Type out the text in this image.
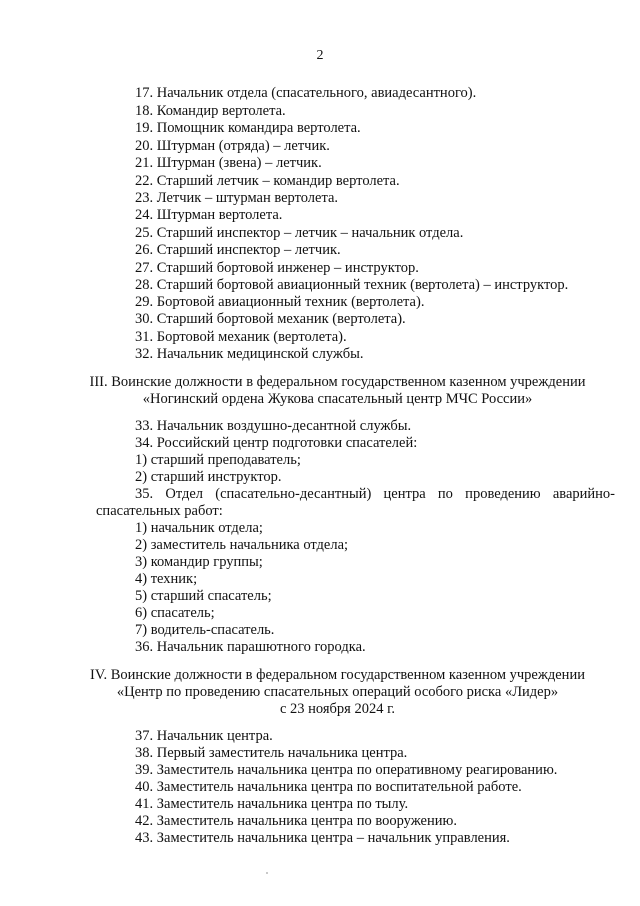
2
17. Начальник отдела (спасательного, авиадесантного).
18. Командир вертолета.
19. Помощник командира вертолета.
20. Штурман (отряда) – летчик.
21. Штурман (звена) – летчик.
22. Старший летчик – командир вертолета.
23. Летчик – штурман вертолета.
24. Штурман вертолета.
25. Старший инспектор – летчик – начальник отдела.
26. Старший инспектор – летчик.
27. Старший бортовой инженер – инструктор.
28. Старший бортовой авиационный техник (вертолета) – инструктор.
29. Бортовой авиационный техник (вертолета).
30. Старший бортовой механик (вертолета).
31. Бортовой механик (вертолета).
32. Начальник медицинской службы.
III. Воинские должности в федеральном государственном казенном учреждении
«Ногинский ордена Жукова спасательный центр МЧС России»
33. Начальник воздушно-десантной службы.
34. Российский центр подготовки спасателей:
1) старший преподаватель;
2) старший инструктор.
35. Отдел (спасательно-десантный) центра по проведению аварийно-
спасательных работ:
1) начальник отдела;
2) заместитель начальника отдела;
3) командир группы;
4) техник;
5) старший спасатель;
6) спасатель;
7) водитель-спасатель.
36. Начальник парашютного городка.
IV. Воинские должности в федеральном государственном казенном учреждении
«Центр по проведению спасательных операций особого риска «Лидер»
с 23 ноября 2024 г.
37. Начальник центра.
38. Первый заместитель начальника центра.
39. Заместитель начальника центра по оперативному реагированию.
40. Заместитель начальника центра по воспитательной работе.
41. Заместитель начальника центра по тылу.
42. Заместитель начальника центра по вооружению.
43. Заместитель начальника центра – начальник управления.
